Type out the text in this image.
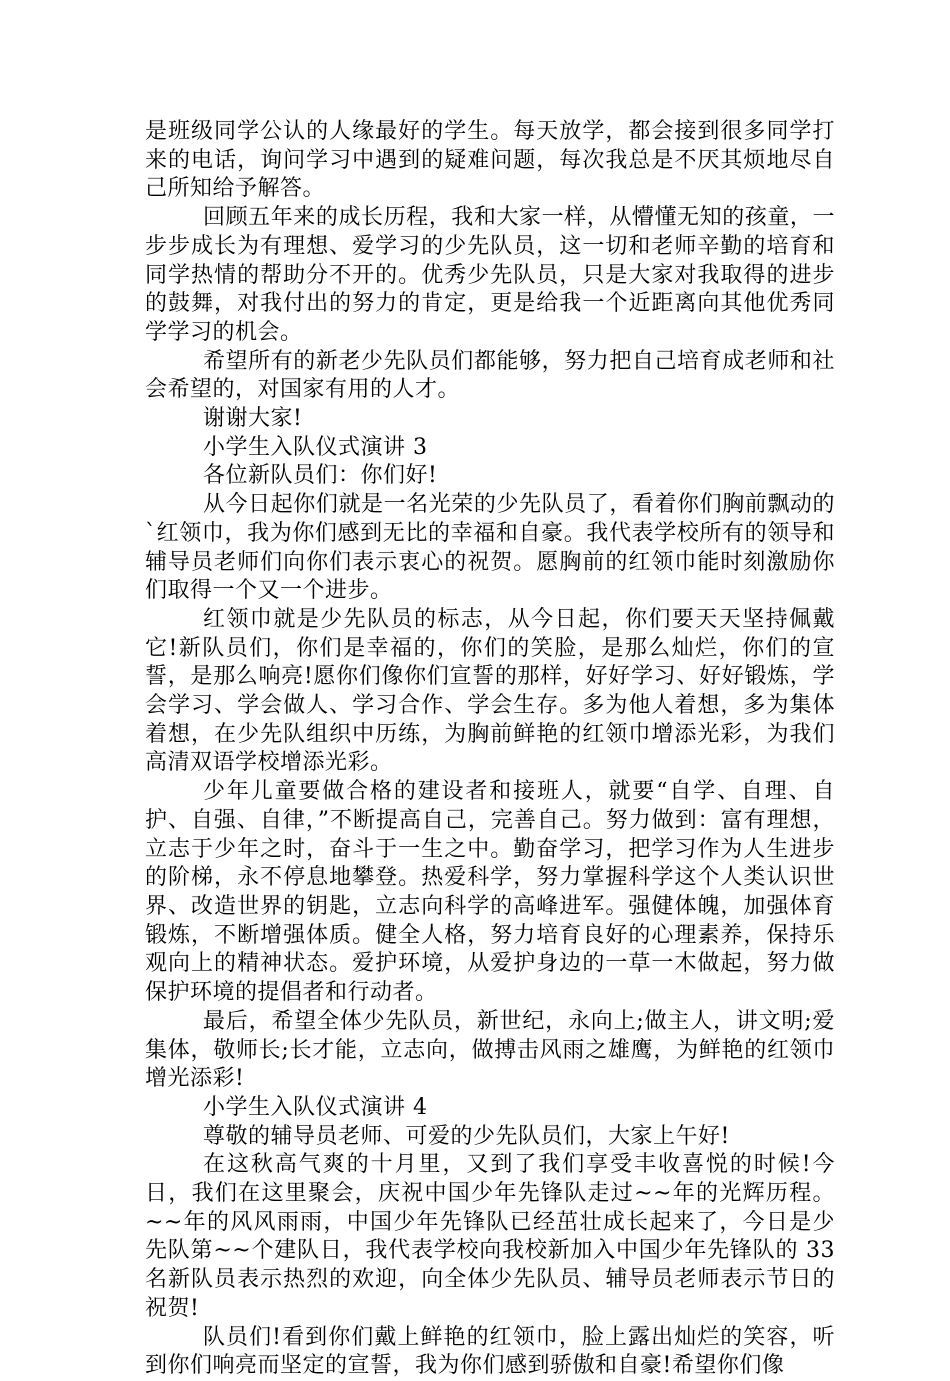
是班级同学公认的人缘最好的学生。每天放学，都会接到很多同学打来的电话，询问学习中遇到的疑难问题，每次我总是不厌其烦地尽自己所知给予解答。

回顾五年来的成长历程，我和大家一样，从懵懂无知的孩童，一步步成长为有理想、爱学习的少先队员，这一切和老师辛勤的培育和同学热情的帮助分不开的。优秀少先队员，只是大家对我取得的进步的鼓舞，对我付出的努力的肯定，更是给我一个近距离向其他优秀同学学习的机会。

希望所有的新老少先队员们都能够，努力把自己培育成老师和社会希望的，对国家有用的人才。

谢谢大家!

小学生入队仪式演讲 3

各位新队员们：你们好!

从今日起你们就是一名光荣的少先队员了，看着你们胸前飘动的`红领巾，我为你们感到无比的幸福和自豪。我代表学校所有的领导和辅导员老师们向你们表示衷心的祝贺。愿胸前的红领巾能时刻激励你们取得一个又一个进步。

红领巾就是少先队员的标志，从今日起，你们要天天坚持佩戴它!新队员们，你们是幸福的，你们的笑脸，是那么灿烂，你们的宣誓，是那么响亮!愿你们像你们宣誓的那样，好好学习、好好锻炼，学会学习、学会做人、学习合作、学会生存。多为他人着想，多为集体着想，在少先队组织中历练，为胸前鲜艳的红领巾增添光彩，为我们高清双语学校增添光彩。

少年儿童要做合格的建设者和接班人，就要“自学、自理、自护、自强、自律，”不断提高自己，完善自己。努力做到：富有理想，立志于少年之时，奋斗于一生之中。勤奋学习，把学习作为人生进步的阶梯，永不停息地攀登。热爱科学，努力掌握科学这个人类认识世界、改造世界的钥匙，立志向科学的高峰进军。强健体魄，加强体育锻炼，不断增强体质。健全人格，努力培育良好的心理素养，保持乐观向上的精神状态。爱护环境，从爱护身边的一草一木做起，努力做保护环境的提倡者和行动者。

最后，希望全体少先队员，新世纪，永向上;做主人，讲文明;爱集体，敬师长;长才能，立志向，做搏击风雨之雄鹰，为鲜艳的红领巾增光添彩!

小学生入队仪式演讲 4

尊敬的辅导员老师、可爱的少先队员们，大家上午好!

在这秋高气爽的十月里，又到了我们享受丰收喜悦的时候!今日，我们在这里聚会，庆祝中国少年先锋队走过~~年的光辉历程。~~年的风风雨雨，中国少年先锋队已经茁壮成长起来了，今日是少先队第~~个建队日，我代表学校向我校新加入中国少年先锋队的 33 名新队员表示热烈的欢迎，向全体少先队员、辅导员老师表示节日的祝贺!

队员们!看到你们戴上鲜艳的红领巾，脸上露出灿烂的笑容，听到你们响亮而坚定的宣誓，我为你们感到骄傲和自豪!希望你们像
